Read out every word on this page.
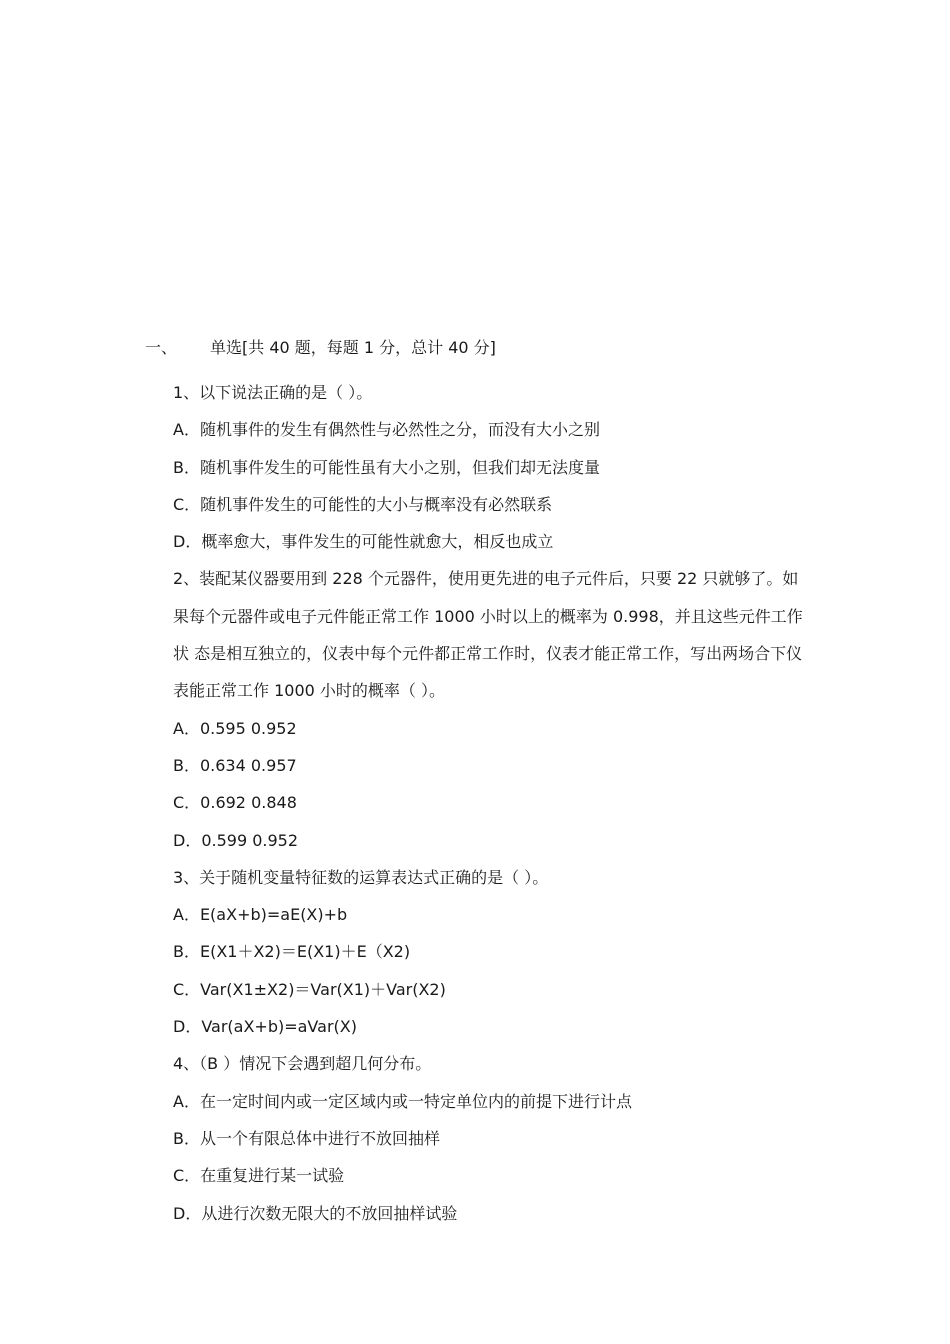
一、 单选[共 40 题，每题 1 分，总计 40 分]
1、以下说法正确的是（ ）。
A．随机事件的发生有偶然性与必然性之分，而没有大小之别
B．随机事件发生的可能性虽有大小之别，但我们却无法度量
C．随机事件发生的可能性的大小与概率没有必然联系
D．概率愈大，事件发生的可能性就愈大，相反也成立
2、装配某仪器要用到 228 个元器件，使用更先进的电子元件后，只要 22 只就够了。如果每个元器件或电子元件能正常工作 1000 小时以上的概率为 0.998，并且这些元件工作状 态是相互独立的，仪表中每个元件都正常工作时，仪表才能正常工作，写出两场合下仪表能正常工作 1000 小时的概率（ ）。
A．0.595 0.952
B．0.634 0.957
C．0.692 0.848
D．0.599 0.952
3、关于随机变量特征数的运算表达式正确的是（ ）。
A．E(aX+b)=aE(X)+b
B．E(X1＋X2)＝E(X1)＋E（X2)
C．Var(X1±X2)＝Var(X1)＋Var(X2)
D．Var(aX+b)=aVar(X)
4、（B ）情况下会遇到超几何分布。
A．在一定时间内或一定区域内或一特定单位内的前提下进行计点
B．从一个有限总体中进行不放回抽样
C．在重复进行某一试验
D．从进行次数无限大的不放回抽样试验
